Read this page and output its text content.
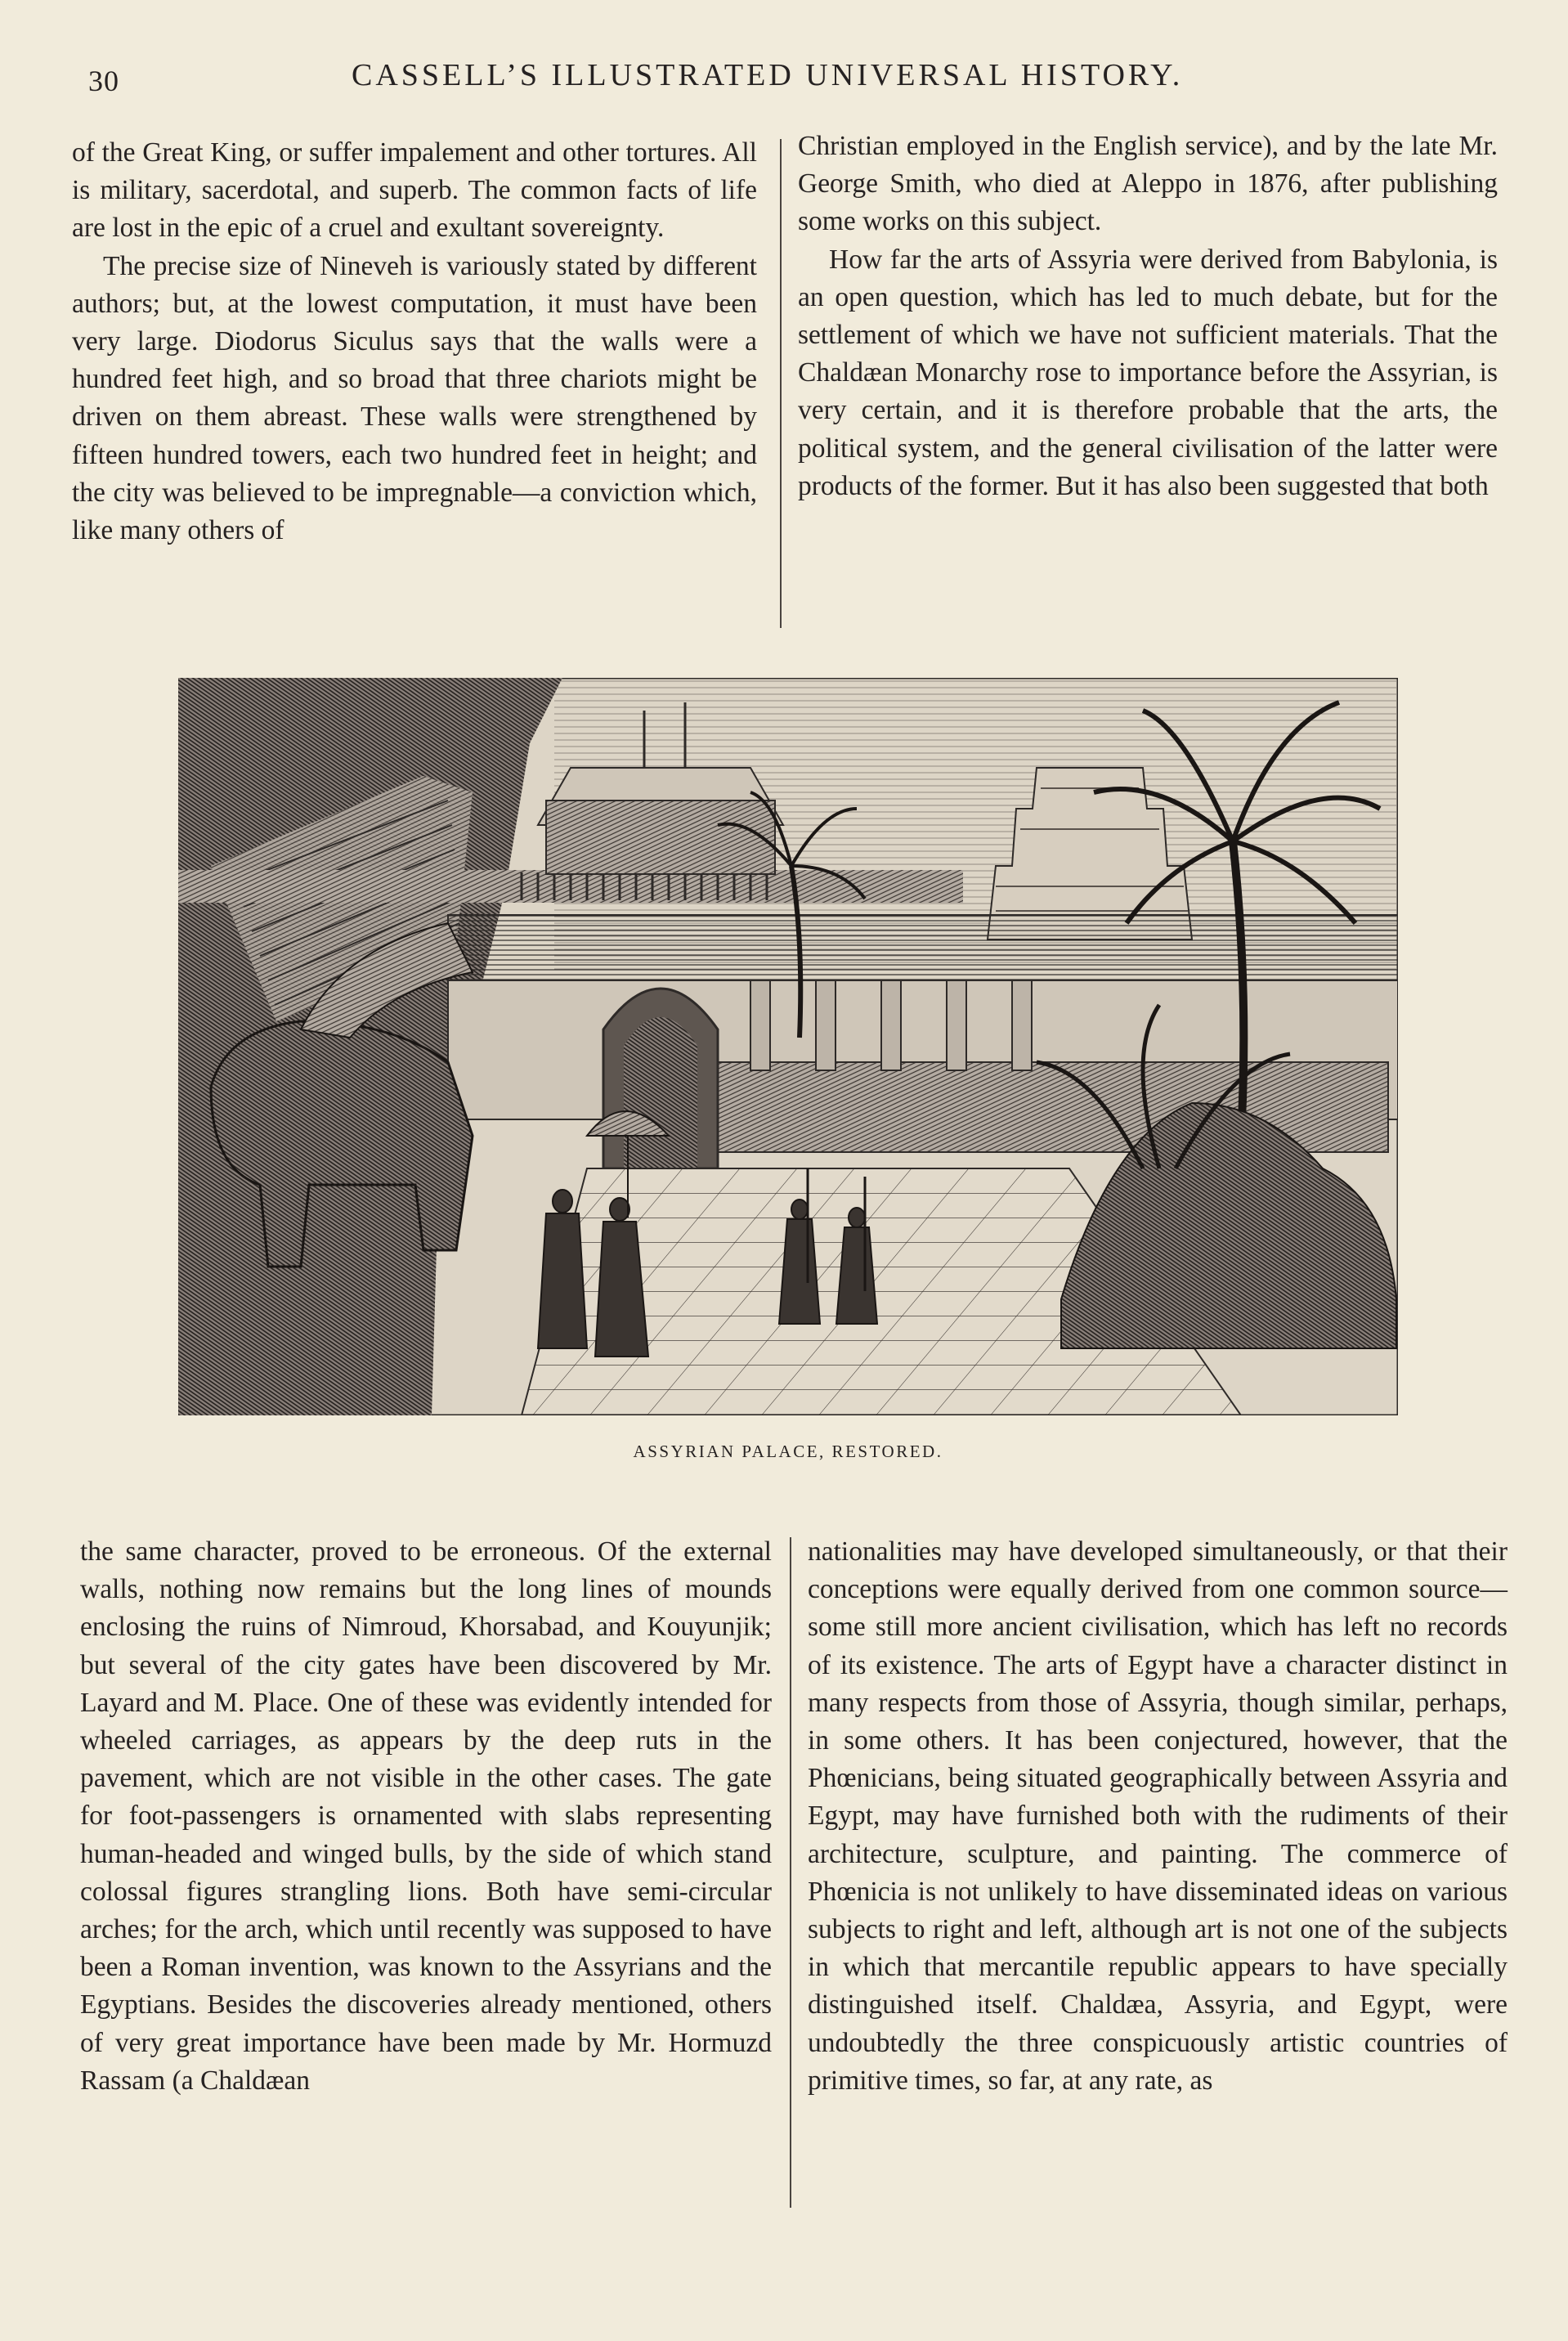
30	CASSELL’S ILLUSTRATED UNIVERSAL HISTORY.

of the Great King, or suffer impalement and other tortures. All is military, sacerdotal, and superb. The common facts of life are lost in the epic of a cruel and exultant sovereignty.

The precise size of Nineveh is variously stated by different authors; but, at the lowest computation, it must have been very large. Diodorus Siculus says that the walls were a hundred feet high, and so broad that three chariots might be driven on them abreast. These walls were strengthened by fifteen hundred towers, each two hundred feet in height; and the city was believed to be impregnable—a conviction which, like many others of

Christian employed in the English service), and by the late Mr. George Smith, who died at Aleppo in 1876, after publishing some works on this subject.

How far the arts of Assyria were derived from Babylonia, is an open question, which has led to much debate, but for the settlement of which we have not sufficient materials. That the Chaldæan Monarchy rose to importance before the Assyrian, is very certain, and it is therefore probable that the arts, the political system, and the general civilisation of the latter were products of the former. But it has also been suggested that both

ASSYRIAN PALACE, RESTORED.

the same character, proved to be erroneous. Of the external walls, nothing now remains but the long lines of mounds enclosing the ruins of Nimroud, Khorsabad, and Kouyunjik; but several of the city gates have been discovered by Mr. Layard and M. Place. One of these was evidently intended for wheeled carriages, as appears by the deep ruts in the pavement, which are not visible in the other cases. The gate for foot-passengers is ornamented with slabs representing human-headed and winged bulls, by the side of which stand colossal figures strangling lions. Both have semi-circular arches; for the arch, which until recently was supposed to have been a Roman invention, was known to the Assyrians and the Egyptians. Besides the discoveries already mentioned, others of very great importance have been made by Mr. Hormuzd Rassam (a Chaldæan

nationalities may have developed simultaneously, or that their conceptions were equally derived from one common source—some still more ancient civilisation, which has left no records of its existence. The arts of Egypt have a character distinct in many respects from those of Assyria, though similar, perhaps, in some others. It has been conjectured, however, that the Phœnicians, being situated geographically between Assyria and Egypt, may have furnished both with the rudiments of their architecture, sculpture, and painting. The commerce of Phœnicia is not unlikely to have disseminated ideas on various subjects to right and left, although art is not one of the subjects in which that mercantile republic appears to have specially distinguished itself. Chaldæa, Assyria, and Egypt, were undoubtedly the three conspicuously artistic countries of primitive times, so far, at any rate, as
